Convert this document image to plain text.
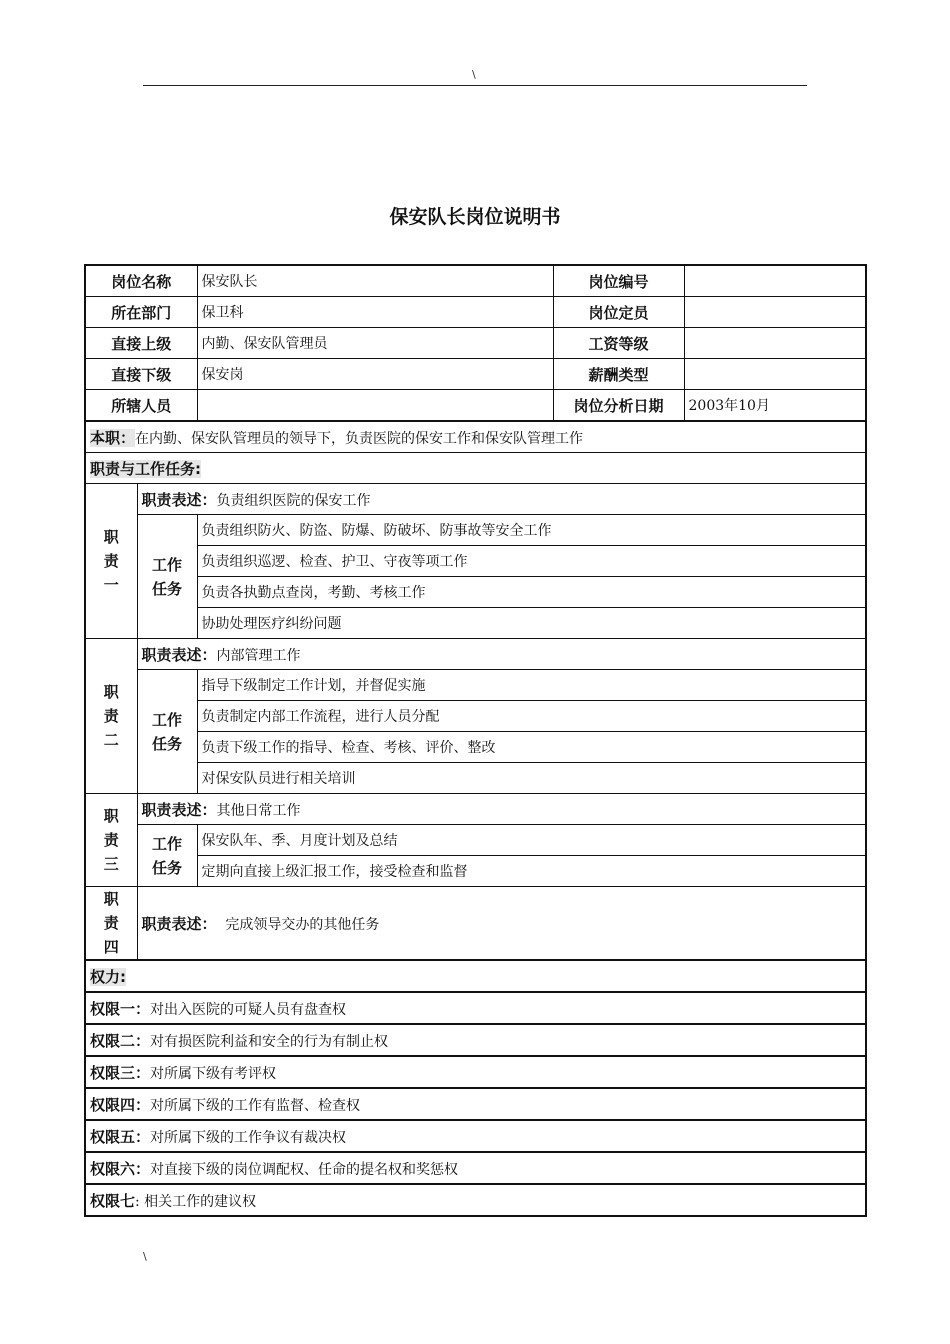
\
保安队长岗位说明书
岗位名称		保安队长	岗位编号	
所在部门		保卫科	岗位定员	
直接上级		内勤、保安队管理员	工资等级	
直接下级		保安岗	薪酬类型	
所辖人员			岗位分析日期	2003年10月
本职：在内勤、保安队管理员的领导下，负责医院的保安工作和保安队管理工作				
职责与工作任务:				

职
责
一	职责表述：负责组织医院的保安工作			

	工作
任务	负责组织防火、防盗、防爆、防破坏、防事故等安全工作		
		负责组织巡逻、检查、护卫、守夜等项工作		
		负责各执勤点查岗，考勤、考核工作		
		协助处理医疗纠纷问题		

职
责
二	职责表述：内部管理工作			

	工作
任务	指导下级制定工作计划，并督促实施		
		负责制定内部工作流程，进行人员分配		
		负责下级工作的指导、检查、考核、评价、整改		
		对保安队员进行相关培训		

职
责
三	职责表述：其他日常工作			

	工作
任务	保安队年、季、月度计划及总结		
		定期向直接上级汇报工作，接受检查和监督		

职
责
四	职责表述： 完成领导交办的其他任务			
权力:				
权限一：对出入医院的可疑人员有盘查权				
权限二：对有损医院利益和安全的行为有制止权				
权限三：对所属下级有考评权				
权限四：对所属下级的工作有监督、检查权				
权限五：对所属下级的工作争议有裁决权				
权限六：对直接下级的岗位调配权、任命的提名权和奖惩权				
权限七: 相关工作的建议权				
\
